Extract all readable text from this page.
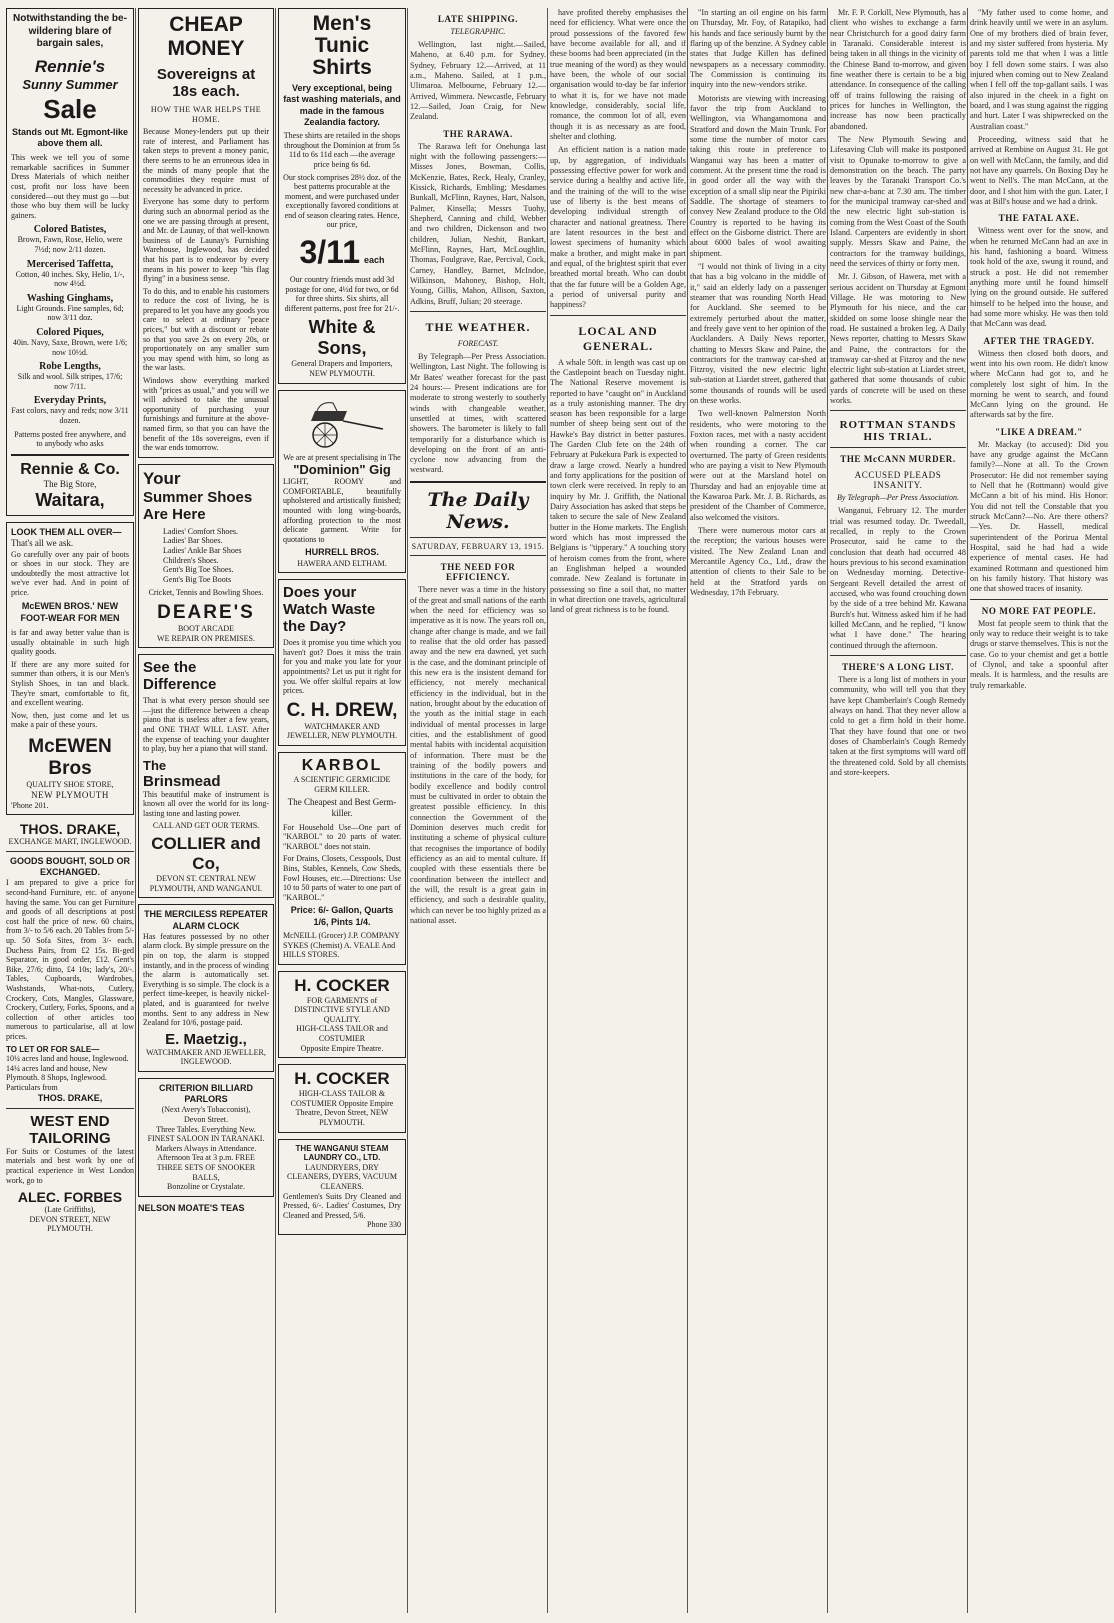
Notwithstanding the be-wildering blare of bargain sales,
Rennie's
Sunny Summer
Sale
Stands out Mt. Egmont-like above them all.
This week we tell you of some remarkable sacrifices in Summer Dress Materials of which neither cost, profit nor loss have been considered—out they must go —but those who buy them will be lucky gainers.
Colored Batistes,
Brown, Fawn, Rose, Helio, were 7½d; now 2/11 dozen.
Mercerised Taffetta,
Cotton, 40 inches. Sky, Helio, 1/-, now 4½d.
Washing Ginghams,
Light Grounds. Fine samples, 6d; now 3/11 doz.
Colored Piques,
40in. Navy, Saxe, Brown, were 1/6; now 10½d.
Robe Lengths,
Silk and wool. Silk stripes, 17/6; now 7/11.
Everyday Prints,
Fast colors, navy and reds; now 3/11 dozen.
Patterns posted free anywhere, and to anybody who asks
Rennie & Co.
The Big Store,
Waitara,
LOOK THEM ALL OVER—
That's all we ask.
Go carefully over any pair of boots or shoes in our stock. They are undoubtedly the most attractive lot we've ever had. And in point of price.
McEWEN BROS.' NEW FOOT-WEAR FOR MEN
is far and away better value than is usually obtainable in such high quality goods.
If there are any more suited for summer than others, it is our Men's Stylish Shoes, in tan and black. They're smart, comfortable to fit, and excellent wearing.
Now, then, just come and let us make a pair of these yours.
McEWEN Bros
QUALITY SHOE STORE,
NEW PLYMOUTH
'Phone 201.
THOS. DRAKE,
EXCHANGE MART, INGLEWOOD.
GOODS BOUGHT, SOLD OR EXCHANGED.
I am prepared to give a price for second-hand Furniture, etc. of anyone having the same. You can get Furniture and goods of all descriptions at post cost half the price of new. 60 chairs, from 3/- to 5/6 each. 20 Tables from 5/- up. 50 Sofa Sites, from 3/- each. Duchess Pairs, from £2 15s. Bi-ged Separator, in good order, £12. Gent's Bike, 27/6; ditto, £4 10s; lady's, 20/-. Tables, Cupboards, Wardrobes, Washstands, What-nots, Cutlery, Crockery, Cots, Mangles, Glassware, Crockery, Cutlery, Forks, Spoons, and a collection of other articles too numerous to particularise, all at low prices.
TO LET OR FOR SALE—
10¼ acres land and house, Inglewood. 14¼ acres land and house, New Plymouth. 8 Shops, Inglewood. Particulars from
THOS. DRAKE,
WEST END TAILORING
For Suits or Costumes of the latest materials and best work by one of practical experience in West London work, go to
ALEC. FORBES
(Late Griffiths),
DEVON STREET, NEW PLYMOUTH.
CHEAP MONEY
Sovereigns at 18s each.
HOW THE WAR HELPS THE HOME.
Because Money-lenders put up their rate of interest, and Parliament has taken steps to prevent a money panic, there seems to be an erroneous idea in the minds of many people that the commodities they require must of necessity be advanced in price.
Everyone has some duty to perform during such an abnormal period as the one we are passing through at present, and Mr. de Launay, of that well-known business of de Launay's Furnishing Warehouse, Inglewood, has decided that his part is to endeavor by every means in his power to keep "his flag flying" in a business sense.
To do this, and to enable his customers to reduce the cost of living, he is prepared to let you have any goods you care to select at ordinary "peace prices," but with a discount or rebate so that you save 2s on every 20s, or proportionately on any smaller sum you may spend with him, so long as the war lasts.
Windows show everything marked with "prices as usual," and you will we will advised to take the unusual opportunity of purchasing your furnishings and furniture at the above-named firm, so that you can have the benefit of the 18s sovereigns, even if the war ends tomorrow.
Your
Summer Shoes
Are Here
Ladies' Comfort Shoes.
Ladies' Bar Shoes.
Ladies' Ankle Bar Shoes
Children's Shoes.
Gent's Big Toe Shoes.
Gent's Big Toe Boots
Cricket, Tennis and Bowling Shoes.
DEARE'S
BOOT ARCADE
WE REPAIR ON PREMISES.
See the Difference
That is what every person should see—just the difference between a cheap piano that is useless after a few years, and ONE THAT WILL LAST. After the expense of teaching your daughter to play, buy her a piano that will stand.
The
Brinsmead
This beautiful make of instrument is known all over the world for its long-lasting tone and lasting power.
CALL AND GET OUR TERMS.
COLLIER and Co,
DEVON ST. CENTRAL NEW PLYMOUTH, AND WANGANUI.
THE MERCILESS REPEATER ALARM CLOCK
Has features possessed by no other alarm clock. By simple pressure on the pin on top, the alarm is stopped instantly, and in the process of winding the alarm is automatically set. Everything is so simple. The clock is a perfect time-keeper, is heavily nickel-plated, and is guaranteed for twelve months. Sent to any address in New Zealand for 10/6, postage paid.
E. Maetzig.,
WATCHMAKER AND JEWELLER, INGLEWOOD.
CRITERION BILLIARD PARLORS
(Next Avery's Tobacconist),
Devon Street.
Three Tables. Everything New.
FINEST SALOON IN TARANAKI.
Markers Always in Attendance.
Afternoon Tea at 3 p.m. FREE
THREE SETS OF SNOOKER BALLS,
Bonzoline or Crystalate.
NELSON MOATE'S TEAS
Men's Tunic Shirts
Very exceptional, being fast washing materials, and made in the famous Zealandia factory.
These shirts are retailed in the shops throughout the Dominion at from 5s 11d to 6s 11d each —the average price being 6s 6d.
Our stock comprises 28½ doz. of the best patterns procurable at the moment, and were purchased under exceptionally favored conditions at end of season clearing rates. Hence, our price,
3/11 each
Our country friends must add 3d postage for one, 4½d for two, or 6d for three shirts. Six shirts, all different patterns, post free for 21/-.
White & Sons,
General Drapers and Importers, NEW PLYMOUTH.
We are at present specialising in The
"Dominion" Gig
LIGHT, ROOMY and COMFORTABLE, beautifully upholstered and artistically finished; mounted with long wing-boards, affording protection to the most delicate garment. Write for quotations to
HURRELL BROS.
HAWERA AND ELTHAM.
Does your Watch Waste the Day?
Does it promise you time which you haven't got? Does it miss the train for you and make you late for your appointments? Let us put it right for you. We offer skilful repairs at low prices.
C. H. DREW,
WATCHMAKER AND JEWELLER, NEW PLYMOUTH.
KARBOL
A SCIENTIFIC GERMICIDE GERM KILLER.
The Cheapest and Best Germ-killer.
For Household Use—One part of "KARBOL" to 20 parts of water. "KARBOL" does not stain.
For Drains, Closets, Cesspools, Dust Bins, Stables, Kennels, Cow Sheds, Fowl Houses, etc.—Directions: Use 10 to 50 parts of water to one part of "KARBOL."
Price: 6/- Gallon, Quarts 1/6, Pints 1/4.
McNEILL (Grocer) J.P. COMPANY SYKES (Chemist) A. VEALE And HILLS STORES.
H. COCKER
FOR GARMENTS of DISTINCTIVE STYLE AND QUALITY.
HIGH-CLASS TAILOR and COSTUMIER
Opposite Empire Theatre.
H. COCKER
HIGH-CLASS TAILOR & COSTUMIER Opposite Empire Theatre, Devon Street, NEW PLYMOUTH.
THE WANGANUI STEAM LAUNDRY CO., LTD.
LAUNDRYERS, DRY CLEANERS, DYERS, VACUUM CLEANERS.
Gentlemen's Suits Dry Cleaned and Pressed, 6/-. Ladies' Costumes, Dry Cleaned and Pressed, 5/6.
Phone 330
LATE SHIPPING.
TELEGRAPHIC.

Wellington, last night.—Sailed, Maheno, at 6.40 p.m. for Sydney. Sydney, February 12.—Arrived, at 11 a.m., Maheno. Sailed, at 1 p.m., Ulimaroa. Melbourne, February 12.—Arrived, Wimmera. Newcastle, February 12.—Sailed, Joan Craig, for New Zealand.

THE RARAWA.

The Rarawa left for Onehunga last night with the following passengers:— Misses Jones, Bowman, Collis, McKenzie, Bates, Reck, Healy, Cranley, Kissick, Richards, Embling; Mesdames Bunkall, McFlinn, Raynes, Hart, Nalson, Palmer, Kinsella; Messrs Tuohy, Shepherd, Canning and child, Webber and two children, Dickenson and two children, Julian, Nesbit, Bankart, McFlinn, Raynes, Hart, McLoughlin, Thomas, Foulgrave, Rae, Percival, Cock, Carney, Handley, Barnet, McIndoe, Wilkinson, Mahoney, Bishop, Holt, Young, Gillis, Mahon, Allison, Saxton, Adkins, Bruff, Julian; 20 steerage.

THE WEATHER.
FORECAST.

By Telegraph—Per Press Association. Wellington, Last Night. The following is Mr Bates' weather forecast for the past 24 hours:— Present indications are for moderate to strong westerly to southerly winds with changeable weather, unsettled at times, with scattered showers. The barometer is likely to fall temporarily for a disturbance which is developing on the front of an anti-cyclone now advancing from the westward.

The Daily News.
SATURDAY, FEBRUARY 13, 1915.
THE NEED FOR EFFICIENCY.

There never was a time in the history of the great and small nations of the earth when the need for efficiency was so imperative as it is now. The years roll on, change after change is made, and we fail to realise that the old order has passed away and the new era dawned, yet such is the case, and the dominant principle of this new era is the insistent demand for efficiency, not merely mechanical efficiency in the individual, but in the nation, brought about by the education of the youth as the initial stage in each individual of mental processes in large cities, and the establishment of good mental habits with incidental acquisition of information. There must be the training of the bodily powers and institutions in the care of the body, for bodily excellence and bodily control must be cultivated in order to obtain the greatest possible efficiency. In this connection the Government of the Dominion deserves much credit for instituting a scheme of physical culture that recognises the importance of bodily efficiency as an aid to mental culture. If coupled with these essentials there be coordination between the intellect and the will, the result is a great gain in efficiency, and such a desirable quality, which can never be too highly prized as a national asset.

have profited thereby emphasises the need for efficiency. What were once the proud possessions of the favored few have become available for all, and if these booms had been appreciated (in the true meaning of the word) as they would have been, the whole of our social organisation would to-day be far inferior to what it is, for we have not made knowledge, considerably, social life, romance, the common lot of all, even though it is as necessary as are food, shelter and clothing.

An efficient nation is a nation made up, by aggregation, of individuals possessing effective power for work and service during a healthy and active life, and the training of the will to the wise use of liberty is the best means of developing individual strength of character and national greatness. There are latent resources in the best and lowest specimens of humanity which make a brother, and might make in part and equal, of the brightest spirit that ever breathed mortal breath. Who can doubt that the far future will be a Golden Age, a period of universal purity and happiness?

LOCAL AND GENERAL.

A whale 50ft. in length was cast up on the Castlepoint beach on Tuesday night. The National Reserve movement is reported to have "caught on" in Auckland as a truly astonishing manner. The dry season has been responsible for a large number of sheep being sent out of the Hawke's Bay district in better pastures. The Garden Club fete on the 24th of February at Pukekura Park is expected to draw a large crowd. Nearly a hundred and forty applications for the position of town clerk were received. In reply to an inquiry by Mr. J. Griffith, the National Dairy Association has asked that steps be taken to secure the sale of New Zealand butter in the Home markets. The English word which has most impressed the Belgians is "tipperary." A touching story of heroism comes from the front, where an Englishman helped a wounded comrade. New Zealand is fortunate in possessing so fine a soil that, no matter in what direction one travels, agricultural land of great richness is to be found.

"In starting an oil engine on his farm on Thursday, Mr. Foy, of Ratapiko, had his hands and face seriously burnt by the flaring up of the benzine. A Sydney cable states that Judge Killen has defined newspapers as a necessary commodity. The Commission is continuing its inquiry into the new-vendors strike.

Motorists are viewing with increasing favor the trip from Auckland to Wellington, via Whangamomona and Stratford and down the Main Trunk. For some time the number of motor cars taking this route in preference to Wanganui way has been a matter of comment. At the present time the road is in good order all the way with the exception of a small slip near the Pipiriki Saddle. The shortage of steamers to convey New Zealand produce to the Old Country is reported to be having its effect on the Gisborne district. There are about 6000 bales of wool awaiting shipment.

"I would not think of living in a city that has a big volcano in the middle of it," said an elderly lady on a passenger steamer that was rounding North Head for Auckland. She seemed to be extremely perturbed about the matter, and freely gave vent to her opinion of the Aucklanders. A Daily News reporter, chatting to Messrs Skaw and Paine, the contractors for the tramway car-shed at Fitzroy, visited the new electric light sub-station at Liardet street, gathered that some thousands of rounds will be used on these works.

Two well-known Palmerston North residents, who were motoring to the Foxton races, met with a nasty accident when rounding a corner. The car overturned. The party of Green residents who are paying a visit to New Plymouth were out at the Marsland hotel on Thursday and had an enjoyable time at the Kawaroa Park. Mr. J. B. Richards, as president of the Chamber of Commerce, also welcomed the visitors.

There were numerous motor cars at the reception; the various houses were visited. The New Zealand Loan and Mercantile Agency Co., Ltd., draw the attention of clients to their Sale to be held at the Stratford yards on Wednesday, 17th February.

Mr. F. P. Corkill, New Plymouth, has a client who wishes to exchange a farm near Christchurch for a good dairy farm in Taranaki. Considerable interest is being taken in all things in the vicinity of the Chinese Band to-morrow, and given fine weather there is certain to be a big attendance. In consequence of the calling off of trains following the raising of prices for lunches in Wellington, the increase has now been practically abandoned.

The New Plymouth Sewing and Lifesaving Club will make its postponed visit to Opunake to-morrow to give a demonstration on the beach. The party leaves by the Taranaki Transport Co.'s new char-a-banc at 7.30 am. The timber for the municipal tramway car-shed and the new electric light sub-station is coming from the West Coast of the South Island. Carpenters are evidently in short supply. Messrs Skaw and Paine, the contractors for the tramway buildings, need the services of thirty or forty men.

Mr. J. Gibson, of Hawera, met with a serious accident on Thursday at Egmont Village. He was motoring to New Plymouth for his niece, and the car skidded on some loose shingle near the road. He sustained a broken leg. A Daily News reporter, chatting to Messrs Skaw and Paine, the contractors for the tramway car-shed at Fitzroy and the new electric light sub-station at Liardet street, gathered that some thousands of cubic yards of concrete will be used on these works.

ROTTMAN STANDS HIS TRIAL.
THE McCANN MURDER.
ACCUSED PLEADS INSANITY.
By Telegraph—Per Press Association.

Wanganui, February 12. The murder trial was resumed today. Dr. Tweedall, recalled, in reply to the Crown Prosecutor, said he came to the conclusion that death had occurred 48 hours previous to his second examination on Wednesday morning. Detective-Sergeant Revell detailed the arrest of accused, who was found crouching down by the side of a tree behind Mr. Kawana Burch's hut. Witness asked him if he had killed McCann, and he replied, "I know what I have done." The hearing continued through the afternoon.

THERE'S A LONG LIST.

There is a long list of mothers in your community, who will tell you that they have kept Chamberlain's Cough Remedy always on hand. That they never allow a cold to get a firm hold in their home. That they have found that one or two doses of Chamberlain's Cough Remedy taken at the first symptoms will ward off the threatened cold. Sold by all chemists and store-keepers.

"My father used to come home, and drink heavily until we were in an asylum. One of my brothers died of brain fever, and my sister suffered from hysteria. My parents told me that when I was a little boy I fell down some stairs. I was also injured when coming out to New Zealand when I fell off the top-gallant sails. I was also injured in the cheek in a fight on board, and I was stung against the rigging and hurt. Later I was shipwrecked on the Australian coast."

Proceeding, witness said that he arrived at Rembine on August 31. He got on well with McCann, the family, and did not have any quarrels. On Boxing Day he went to Nell's. The man McCann, at the door, and I shot him with the gun. Later, I was at Bill's house and we had a drink.

THE FATAL AXE.

Witness went over for the snow, and when he returned McCann had an axe in his hand, fashioning a board. Witness took hold of the axe, swung it round, and struck a post. He did not remember anything more until he found himself lying on the ground outside. He suffered himself to be helped into the house, and had some more whisky. He was then told that McCann was dead.

AFTER THE TRAGEDY.

Witness then closed both doors, and went into his own room. He didn't know where McCann had got to, and he completely lost sight of him. In the morning he went to search, and found McCann lying on the ground. He afterwards sat by the fire.

"LIKE A DREAM."

Mr. Mackay (to accused): Did you have any grudge against the McCann family?—None at all. To the Crown Prosecutor: He did not remember saying to Nell that he (Rottmann) would give McCann a bit of his mind. His Honor: You did not tell the Constable that you struck McCann?—No. Are there others?—Yes. Dr. Hassell, medical superintendent of the Porirua Mental Hospital, said he had had a wide experience of mental cases. He had examined Rottmann and questioned him on his family history. That history was one that showed traces of insanity.

NO MORE FAT PEOPLE.

Most fat people seem to think that the only way to reduce their weight is to take drugs or starve themselves. This is not the case. Go to your chemist and get a bottle of Clynol, and take a spoonful after meals. It is harmless, and the results are truly remarkable.
